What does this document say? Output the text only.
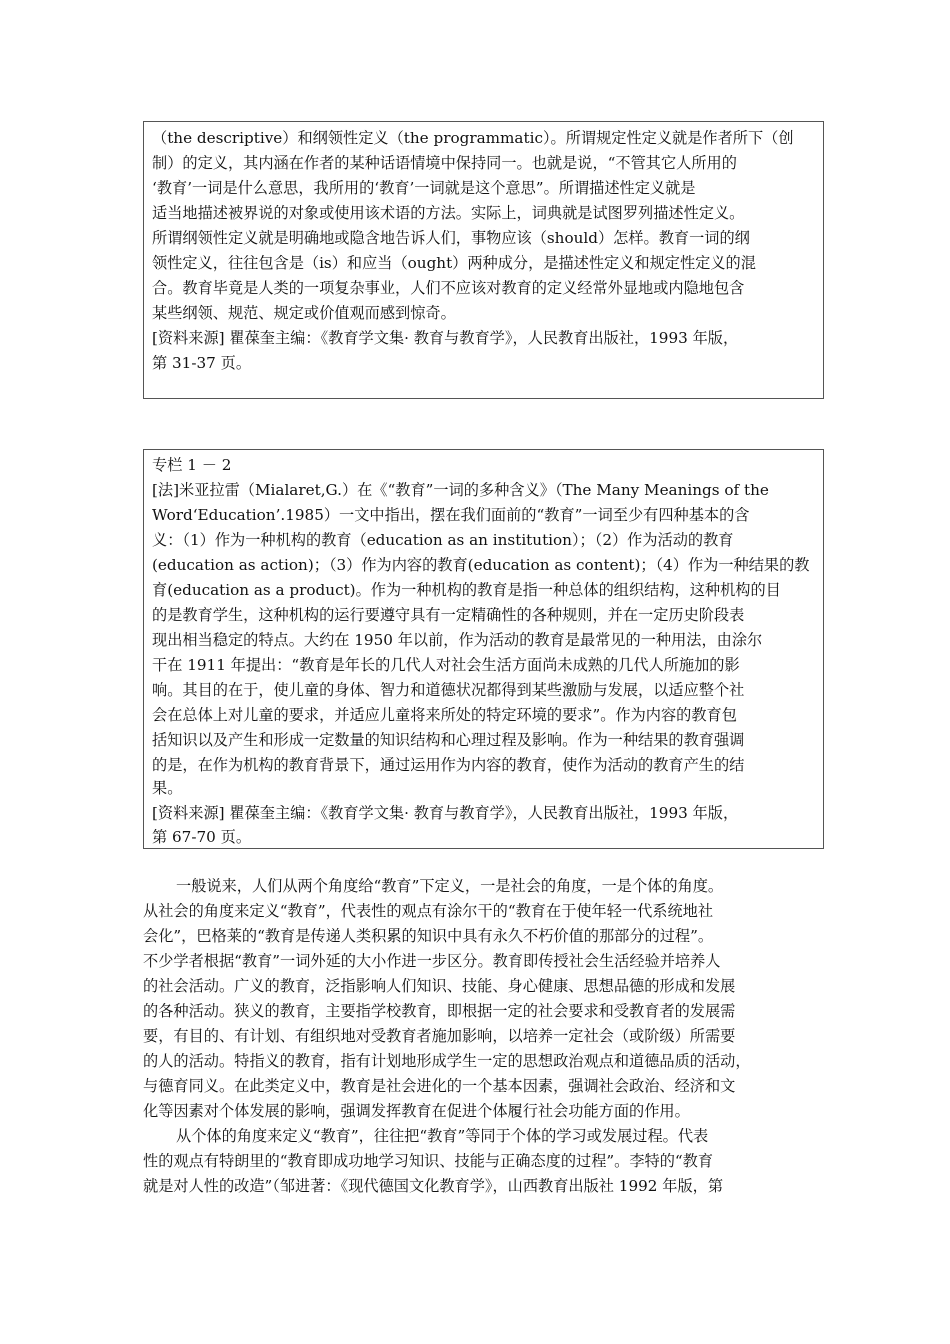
（the descriptive）和纲领性定义（the programmatic）。所谓规定性定义就是作者所下（创
制）的定义，其内涵在作者的某种话语情境中保持同一。也就是说，“不管其它人所用的
‘教育’一词是什么意思，我所用的‘教育’一词就是这个意思”。所谓描述性定义就是
适当地描述被界说的对象或使用该术语的方法。实际上，词典就是试图罗列描述性定义。
所谓纲领性定义就是明确地或隐含地告诉人们，事物应该（should）怎样。教育一词的纲
领性定义，往往包含是（is）和应当（ought）两种成分，是描述性定义和规定性定义的混
合。教育毕竟是人类的一项复杂事业，人们不应该对教育的定义经常外显地或内隐地包含
某些纲领、规范、规定或价值观而感到惊奇。
[资料来源] 瞿葆奎主编：《教育学文集· 教育与教育学》，人民教育出版社，1993 年版，
第 31-37 页。
专栏 1 － 2
[法]米亚拉雷（Mialaret,G.）在《“教育”一词的多种含义》（The Many Meanings of the
Word‘Education’.1985）一文中指出，摆在我们面前的“教育”一词至少有四种基本的含
义：（1）作为一种机构的教育（education as an institution）；（2）作为活动的教育
(education as action)；（3）作为内容的教育(education as content)；（4）作为一种结果的教
育(education as a product)。作为一种机构的教育是指一种总体的组织结构，这种机构的目
的是教育学生，这种机构的运行要遵守具有一定精确性的各种规则，并在一定历史阶段表
现出相当稳定的特点。大约在 1950 年以前，作为活动的教育是最常见的一种用法，由涂尔
干在 1911 年提出：“教育是年长的几代人对社会生活方面尚未成熟的几代人所施加的影
响。其目的在于，使儿童的身体、智力和道德状况都得到某些激励与发展，以适应整个社
会在总体上对儿童的要求，并适应儿童将来所处的特定环境的要求”。作为内容的教育包
括知识以及产生和形成一定数量的知识结构和心理过程及影响。作为一种结果的教育强调
的是，在作为机构的教育背景下，通过运用作为内容的教育，使作为活动的教育产生的结
果。
[资料来源] 瞿葆奎主编：《教育学文集· 教育与教育学》，人民教育出版社，1993 年版，
第 67-70 页。
一般说来，人们从两个角度给“教育”下定义，一是社会的角度，一是个体的角度。
从社会的角度来定义“教育”，代表性的观点有涂尔干的“教育在于使年轻一代系统地社
会化”，巴格莱的“教育是传递人类积累的知识中具有永久不朽价值的那部分的过程”。
不少学者根据“教育”一词外延的大小作进一步区分。教育即传授社会生活经验并培养人
的社会活动。广义的教育，泛指影响人们知识、技能、身心健康、思想品德的形成和发展
的各种活动。狭义的教育，主要指学校教育，即根据一定的社会要求和受教育者的发展需
要，有目的、有计划、有组织地对受教育者施加影响，以培养一定社会（或阶级）所需要
的人的活动。特指义的教育，指有计划地形成学生一定的思想政治观点和道德品质的活动，
与德育同义。在此类定义中，教育是社会进化的一个基本因素，强调社会政治、经济和文
化等因素对个体发展的影响，强调发挥教育在促进个体履行社会功能方面的作用。
从个体的角度来定义“教育”，往往把“教育”等同于个体的学习或发展过程。代表
性的观点有特朗里的“教育即成功地学习知识、技能与正确态度的过程”。李特的“教育
就是对人性的改造”（邹进著：《现代德国文化教育学》，山西教育出版社 1992 年版，第
